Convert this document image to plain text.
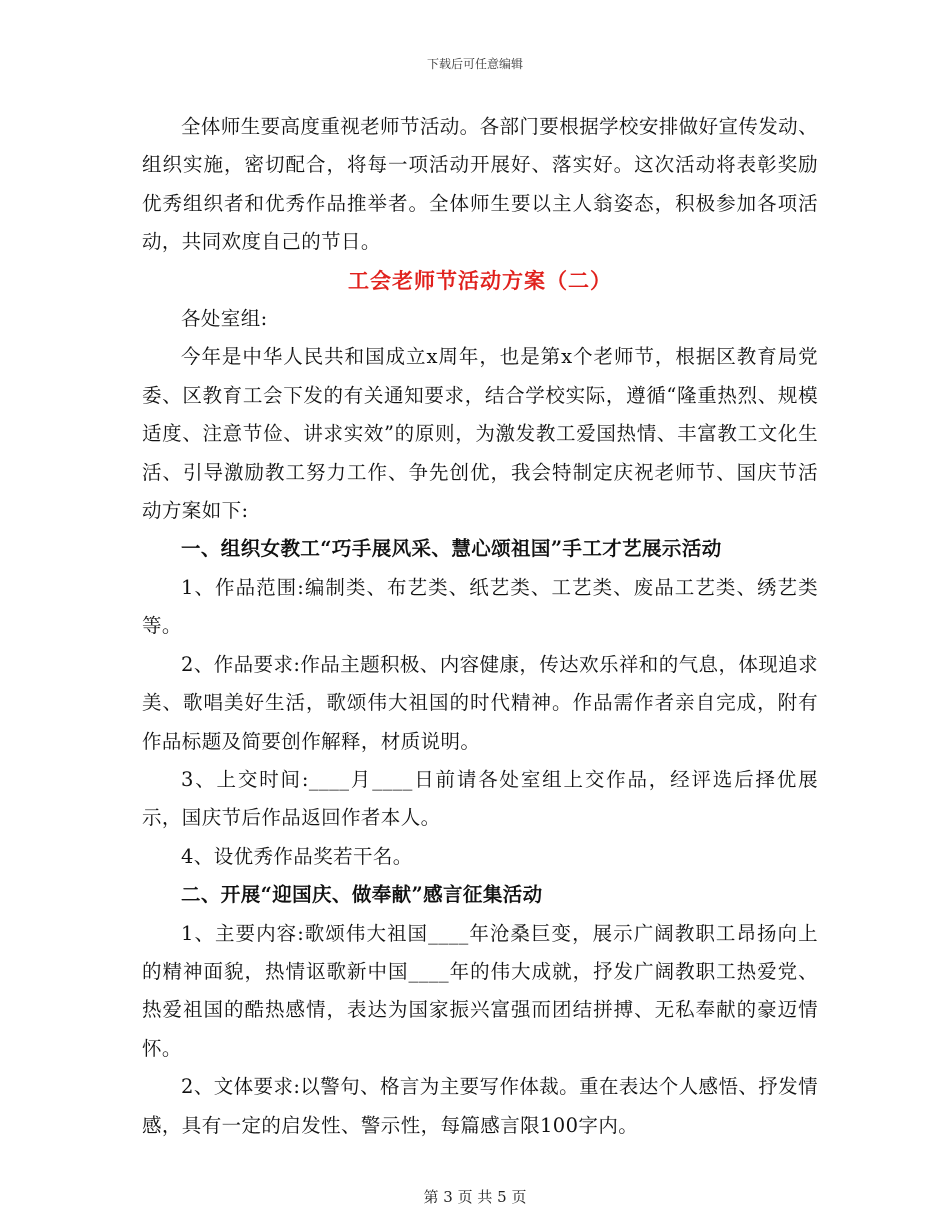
下载后可任意编辑

全体师生要高度重视老师节活动。各部门要根据学校安排做好宣传发动、组织实施，密切配合，将每一项活动开展好、落实好。这次活动将表彰奖励优秀组织者和优秀作品推举者。全体师生要以主人翁姿态，积极参加各项活动，共同欢度自己的节日。

工会老师节活动方案（二）

各处室组:

今年是中华人民共和国成立x周年，也是第x个老师节，根据区教育局党委、区教育工会下发的有关通知要求，结合学校实际，遵循“隆重热烈、规模适度、注意节俭、讲求实效”的原则，为激发教工爱国热情、丰富教工文化生活、引导激励教工努力工作、争先创优，我会特制定庆祝老师节、国庆节活动方案如下:

一、组织女教工“巧手展风采、慧心颂祖国”手工才艺展示活动

1、作品范围:编制类、布艺类、纸艺类、工艺类、废品工艺类、绣艺类等。

2、作品要求:作品主题积极、内容健康，传达欢乐祥和的气息，体现追求美、歌唱美好生活，歌颂伟大祖国的时代精神。作品需作者亲自完成，附有作品标题及简要创作解释，材质说明。

3、上交时间:____月____日前请各处室组上交作品，经评选后择优展示，国庆节后作品返回作者本人。

4、设优秀作品奖若干名。

二、开展“迎国庆、做奉献”感言征集活动

1、主要内容:歌颂伟大祖国____年沧桑巨变，展示广阔教职工昂扬向上的精神面貌，热情讴歌新中国____年的伟大成就，抒发广阔教职工热爱党、热爱祖国的酷热感情，表达为国家振兴富强而团结拼搏、无私奉献的豪迈情怀。

2、文体要求:以警句、格言为主要写作体裁。重在表达个人感悟、抒发情感，具有一定的启发性、警示性，每篇感言限100字内。

第 3 页 共 5 页
